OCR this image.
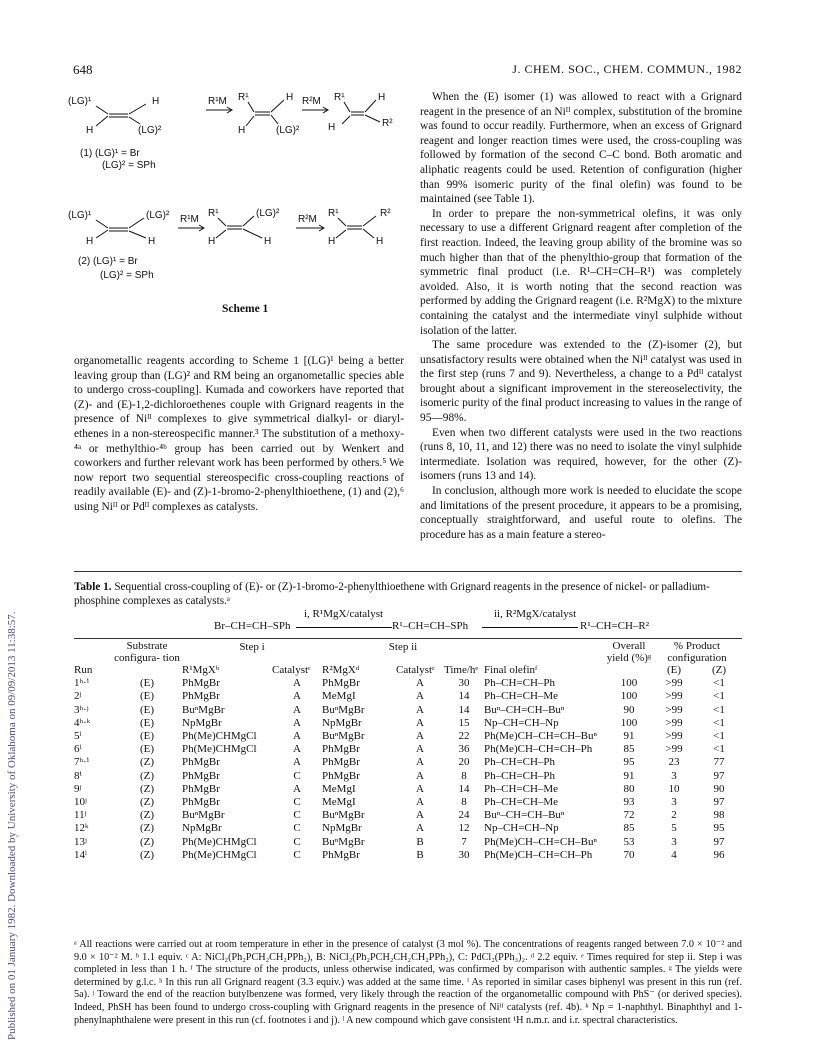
648	J. CHEM. SOC., CHEM. COMMUN., 1982
Published on 01 January 1982. Downloaded by University of Oklahoma on 09/09/2013 11:38:57.
(LG)¹	H
H	(LG)²
R¹M R¹	H
H	(LG)²
R²M R¹	H
H	R²
(1) (LG)¹ = Br
(LG)² = SPh
(LG)¹	(LG)²
H	H
R¹M
R¹	(LG)²
H	H
R²M
R¹	R²
H	H
(2) (LG)¹ = Br
(LG)² = SPh
Scheme 1

organometallic reagents according to Scheme 1 [(LG)¹ being a better leaving group than (LG)² and RM being an organometallic species able to undergo cross-coupling]. Kumada and coworkers have reported that (Z)- and (E)-1,2-dichloroethenes couple with Grignard reagents in the presence of Niᴵᴵ complexes to give symmetrical dialkyl- or diaryl-ethenes in a non-stereospecific manner.³ The substitution of a methoxy-⁴ᵃ or methylthio-⁴ᵇ group has been carried out by Wenkert and coworkers and further relevant work has been performed by others.⁵ We now report two sequential stereospecific cross-coupling reactions of readily available (E)- and (Z)-1-bromo-2-phenylthioethene, (1) and (2),⁶ using Niᴵᴵ or Pdᴵᴵ complexes as catalysts.

When the (E) isomer (1) was allowed to react with a Grignard reagent in the presence of an Niᴵᴵ complex, substitution of the bromine was found to occur readily. Furthermore, when an excess of Grignard reagent and longer reaction times were used, the cross-coupling was followed by formation of the second C–C bond. Both aromatic and aliphatic reagents could be used. Retention of configuration (higher than 99% isomeric purity of the final olefin) was found to be maintained (see Table 1).

In order to prepare the non-symmetrical olefins, it was only necessary to use a different Grignard reagent after completion of the first reaction. Indeed, the leaving group ability of the bromine was so much higher than that of the phenylthio-group that formation of the symmetric final product (i.e. R¹–CH=CH–R¹) was completely avoided. Also, it is worth noting that the second reaction was performed by adding the Grignard reagent (i.e. R²MgX) to the mixture containing the catalyst and the intermediate vinyl sulphide without isolation of the latter.

The same procedure was extended to the (Z)-isomer (2), but unsatisfactory results were obtained when the Niᴵᴵ catalyst was used in the first step (runs 7 and 9). Nevertheless, a change to a Pdᴵᴵ catalyst brought about a significant improvement in the stereoselectivity, the isomeric purity of the final product increasing to values in the range of 95—98%.

Even when two different catalysts were used in the two reactions (runs 8, 10, 11, and 12) there was no need to isolate the vinyl sulphide intermediate. Isolation was required, however, for the other (Z)-isomers (runs 13 and 14).

In conclusion, although more work is needed to elucidate the scope and limitations of the present procedure, it appears to be a promising, conceptually straightforward, and useful route to olefins. The procedure has as a main feature a stereo-

Table 1. Sequential cross-coupling of (E)- or (Z)-1-bromo-2-phenylthioethene with Grignard reagents in the presence of nickel- or palladium-phosphine complexes as catalysts.ᵃ
Br–CH=CH–SPh
i, R¹MgX/catalyst
R¹–CH=CH–SPh
ii, R²MgX/catalyst
R¹–CH=CH–R²
	Substrate configura- tion	Step i		Step ii				Overall yield (%)ᵍ	% Product configuration	

Run		R¹MgXᵇ	Catalystᶜ	R²MgXᵈ	Catalystᶜ	Time/hᵉ	Final olefinᶠ		(E)	(Z)
1ʰ·ⁱ	(E)	PhMgBr	A	PhMgBr	A	30	Ph–CH=CH–Ph	100	>99	<1
2ʲ	(E)	PhMgBr	A	MeMgI	A	14	Ph–CH=CH–Me	100	>99	<1
3ʰ·ʲ	(E)	BuⁿMgBr	A	BuⁿMgBr	A	14	Buⁿ–CH=CH–Buⁿ	90	>99	<1
4ʰ·ᵏ	(E)	NpMgBr	A	NpMgBr	A	15	Np–CH=CH–Np	100	>99	<1
5ˡ	(E)	Ph(Me)CHMgCl	A	BuⁿMgBr	A	22	Ph(Me)CH–CH=CH–Buⁿ	91	>99	<1
6ˡ	(E)	Ph(Me)CHMgCl	A	PhMgBr	A	36	Ph(Me)CH–CH=CH–Ph	85	>99	<1
7ʰ·ⁱ	(Z)	PhMgBr	A	PhMgBr	A	20	Ph–CH=CH–Ph	95	23	77
8ⁱ	(Z)	PhMgBr	C	PhMgBr	A	8	Ph–CH=CH–Ph	91	3	97
9ʲ	(Z)	PhMgBr	A	MeMgI	A	14	Ph–CH=CH–Me	80	10	90
10ʲ	(Z)	PhMgBr	C	MeMgI	A	8	Ph–CH=CH–Me	93	3	97
11ʲ	(Z)	BuⁿMgBr	C	BuⁿMgBr	A	24	Buⁿ–CH=CH–Buⁿ	72	2	98
12ᵏ	(Z)	NpMgBr	C	NpMgBr	A	12	Np–CH=CH–Np	85	5	95
13ʲ	(Z)	Ph(Me)CHMgCl	C	BuⁿMgBr	B	7	Ph(Me)CH–CH=CH–Buⁿ	53	3	97
14ˡ	(Z)	Ph(Me)CHMgCl	C	PhMgBr	B	30	Ph(Me)CH–CH=CH–Ph	70	4	96
ᵃ All reactions were carried out at room temperature in ether in the presence of catalyst (3 mol %). The concentrations of reagents ranged between 7.0 × 10⁻² and 9.0 × 10⁻² M. ᵇ 1.1 equiv. ᶜ A: NiCl₂(Ph₂PCH₂CH₂PPh₂), B: NiCl₂(Ph₂PCH₂CH₂CH₂PPh₂), C: PdCl₂(PPh₃)₂. ᵈ 2.2 equiv. ᵉ Times required for step ii. Step i was completed in less than 1 h. ᶠ The structure of the products, unless otherwise indicated, was confirmed by comparison with authentic samples. ᵍ The yields were determined by g.l.c. ʰ In this run all Grignard reagent (3.3 equiv.) was added at the same time. ⁱ As reported in similar cases biphenyl was present in this run (ref. 5a). ʲ Toward the end of the reaction butylbenzene was formed, very likely through the reaction of the organometallic compound with PhS⁻ (or derived species). Indeed, PhSH has been found to undergo cross-coupling with Grignard reagents in the presence of Niᴵᴵ catalysts (ref. 4b). ᵏ Np = 1-naphthyl. Binaphthyl and 1-phenylnaphthalene were present in this run (cf. footnotes i and j). ˡ A new compound which gave consistent ¹H n.m.r. and i.r. spectral characteristics.
